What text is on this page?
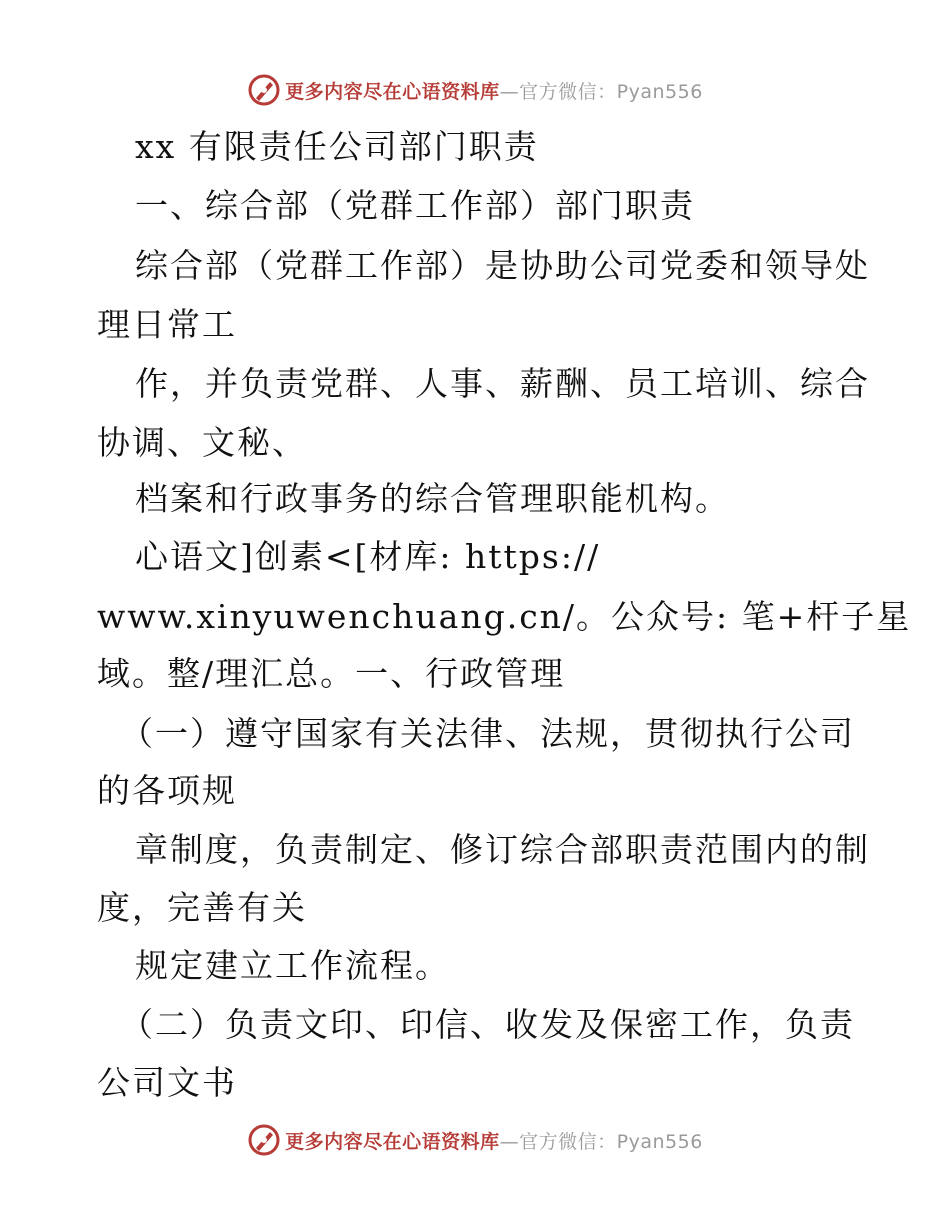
更多内容尽在心语资料库 —官方微信：Pyan556
xx 有限责任公司部门职责
一、综合部（党群工作部）部门职责
综合部（党群工作部）是协助公司党委和领导处
理日常工
作，并负责党群、人事、薪酬、员工培训、综合
协调、文秘、
档案和行政事务的综合管理职能机构。
心语文]创素<[材库: https://
www.xinyuwenchuang.cn/。公众号: 笔+杆子星
域。整/理汇总。一、行政管理
（一）遵守国家有关法律、法规，贯彻执行公司
的各项规
章制度，负责制定、修订综合部职责范围内的制
度，完善有关
规定建立工作流程。
（二）负责文印、印信、收发及保密工作，负责
公司文书
更多内容尽在心语资料库 —官方微信：Pyan556
